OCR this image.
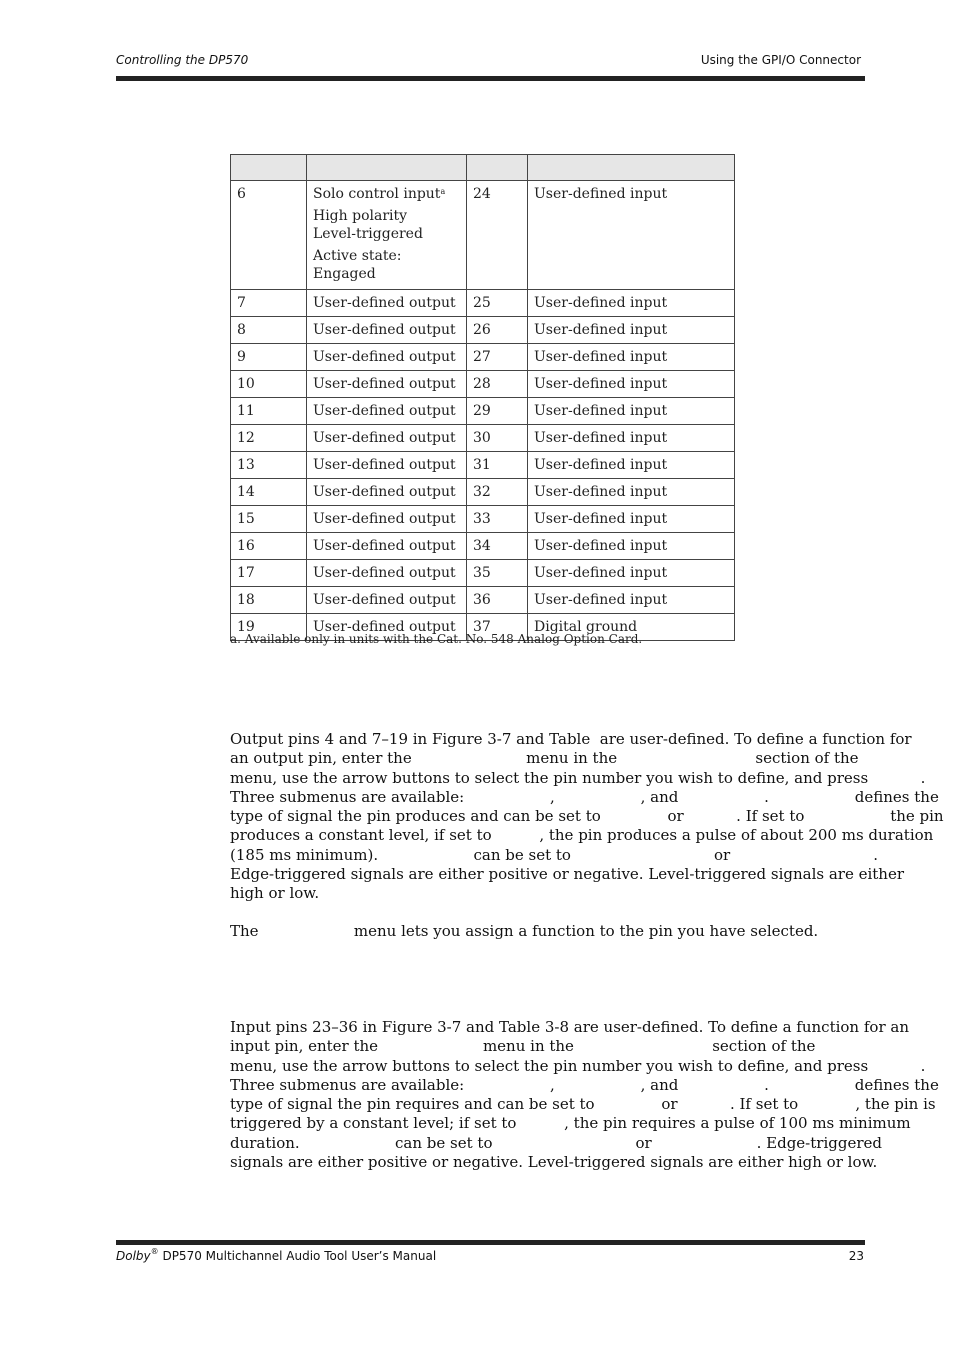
Controlling the DP570	Using the GPI/O Connector

6	Solo control input$^a$
High polarity
Level-triggered
Active state: Engaged	24	User-defined input
7	User-defined output	25	User-defined input
8	User-defined output	26	User-defined input
9	User-defined output	27	User-defined input
10	User-defined output	28	User-defined input
11	User-defined output	29	User-defined input
12	User-defined output	30	User-defined input
13	User-defined output	31	User-defined input
14	User-defined output	32	User-defined input
15	User-defined output	33	User-defined input
16	User-defined output	34	User-defined input
17	User-defined output	35	User-defined input
18	User-defined output	36	User-defined input
19	User-defined output	37	Digital ground
a. Available only in units with the Cat. No. 548 Analog Option Card.
Output pins 4 and 7–19 in Figure 3-7 and Table  are user-defined. To define a function for
an output pin, enter the                        menu in the                             section of the
menu, use the arrow buttons to select the pin number you wish to define, and press           .
Three submenus are available:                  ,                  , and                  .                  defines the
type of signal the pin produces and can be set to              or           . If set to                  the pin
produces a constant level, if set to          , the pin produces a pulse of about 200 ms duration
(185 ms minimum).                    can be set to                              or                              .
Edge-triggered signals are either positive or negative. Level-triggered signals are either
high or low.
The                    menu lets you assign a function to the pin you have selected.
Input pins 23–36 in Figure 3-7 and Table 3-8 are user-defined. To define a function for an
input pin, enter the                      menu in the                             section of the
menu, use the arrow buttons to select the pin number you wish to define, and press           .
Three submenus are available:                  ,                  , and                  .                  defines the
type of signal the pin requires and can be set to              or           . If set to            , the pin is
triggered by a constant level; if set to          , the pin requires a pulse of 100 ms minimum
duration.                    can be set to                              or                      . Edge-triggered
signals are either positive or negative. Level-triggered signals are either high or low.
Dolby® DP570 Multichannel Audio Tool User’s Manual	23
